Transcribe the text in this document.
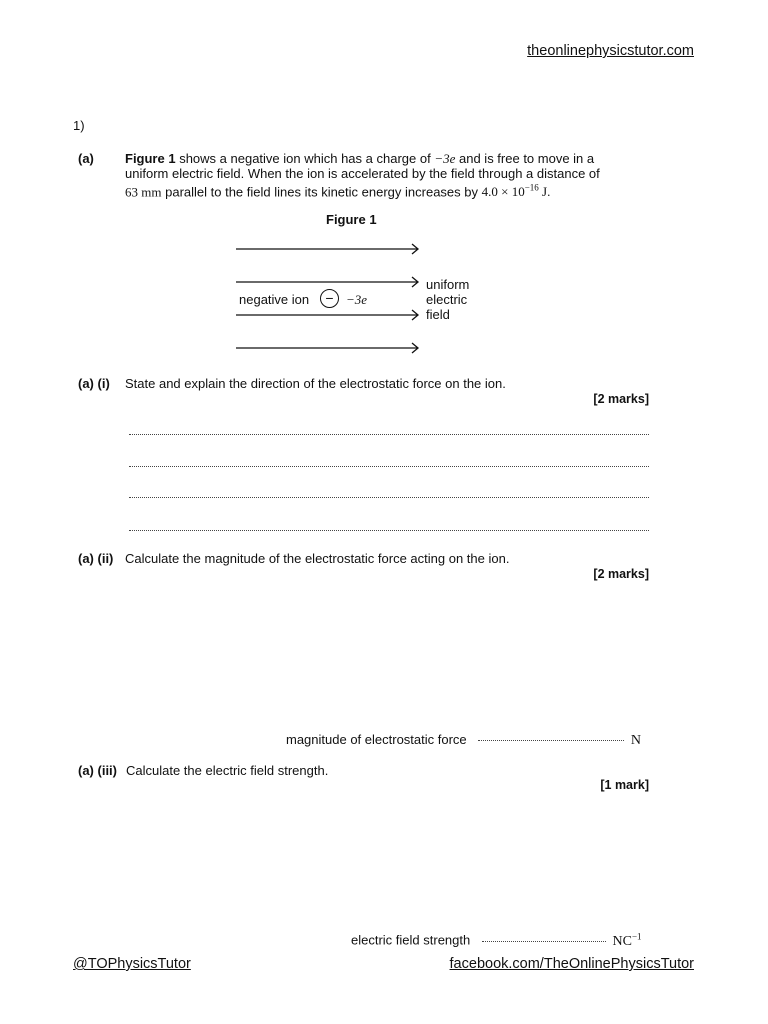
theonlinephysicstutor.com
1)
(a) Figure 1 shows a negative ion which has a charge of −3e and is free to move in a
uniform electric field. When the ion is accelerated by the field through a distance of
63 mm parallel to the field lines its kinetic energy increases by $4.0 \times 10^{-16}$ J.
Figure 1
negative ion	− −3e
uniform
electric
field
(a) (i) State and explain the direction of the electrostatic force on the ion.
[2 marks]
(a) (ii) Calculate the magnitude of the electrostatic force acting on the ion.
[2 marks]
magnitude of electrostatic force	N
(a) (iii) Calculate the electric field strength.
[1 mark]
electric field strength	$NC^{-1}$
@TOPhysicsTutor	facebook.com/TheOnlinePhysicsTutor
